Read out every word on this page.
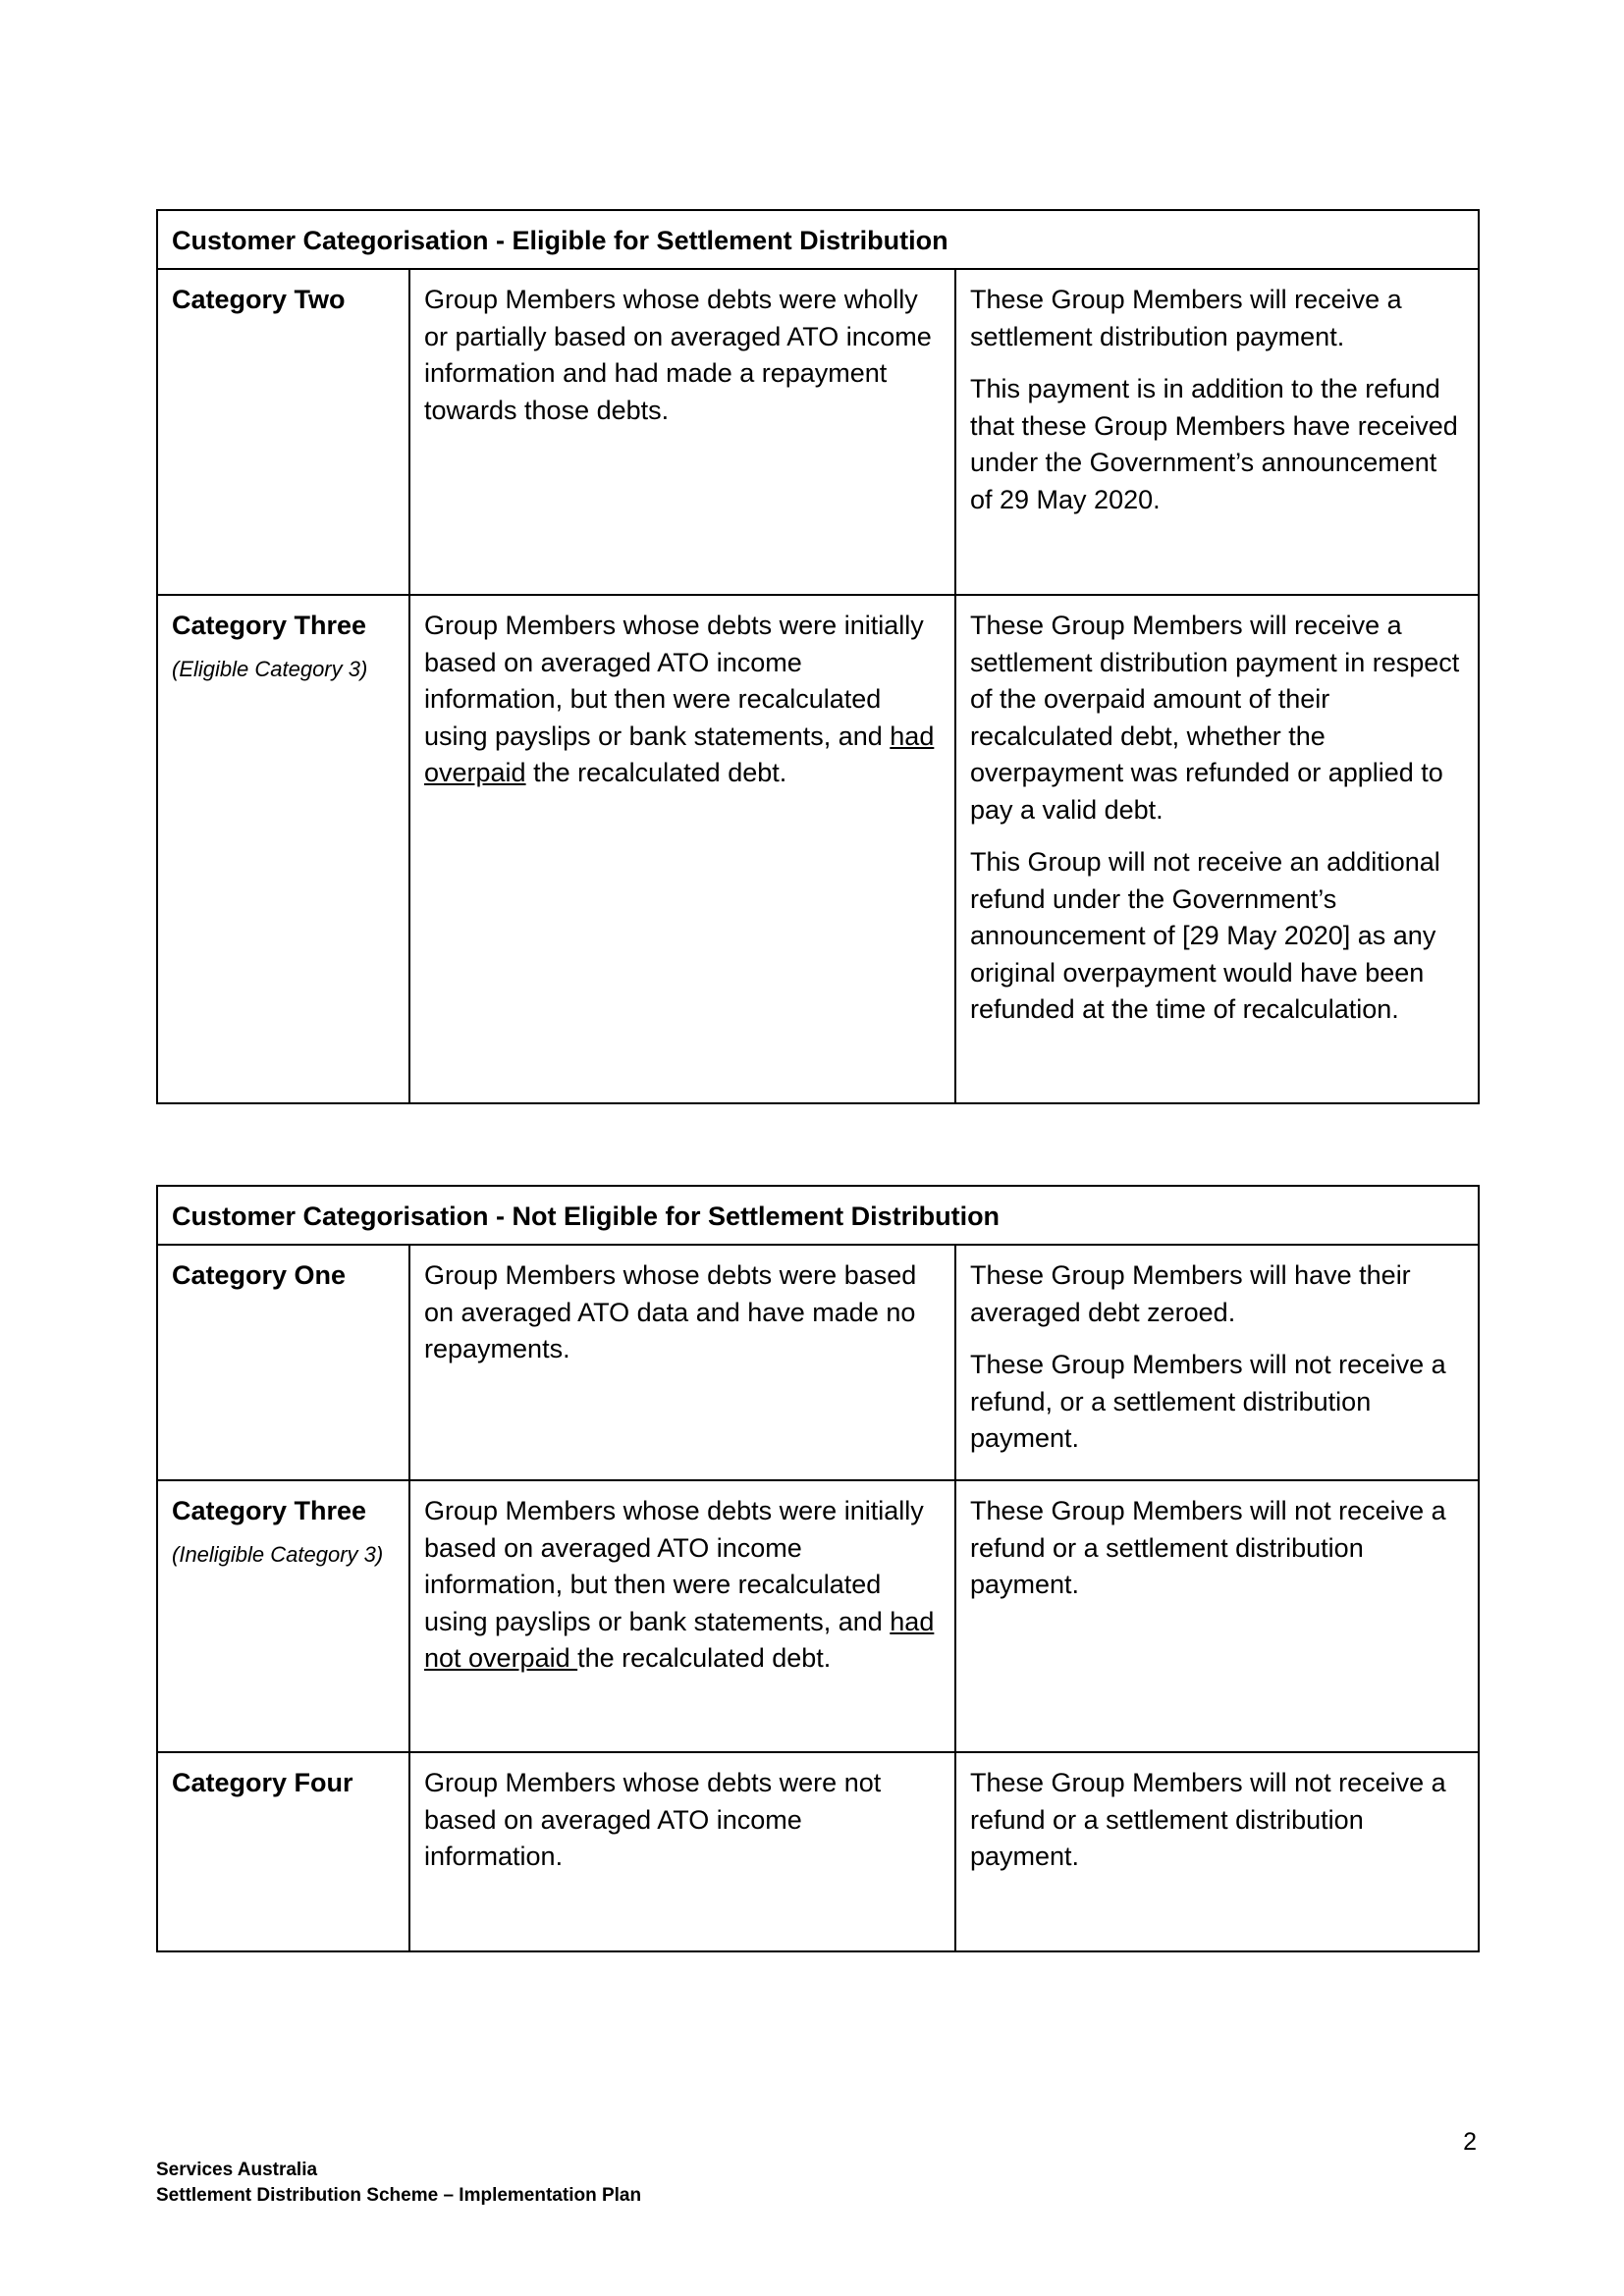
Customer Categorisation - Eligible for Settlement Distribution		

Category Two	Group Members whose debts were wholly or partially based on averaged ATO income information and had made a repayment towards those debts.	These Group Members will receive a settlement distribution payment.
This payment is in addition to the refund that these Group Members have received under the Government’s announcement of 29 May 2020.

Category Three
(Eligible Category 3)	Group Members whose debts were initially based on averaged ATO income information, but then were recalculated using payslips or bank statements, and had overpaid the recalculated debt.	These Group Members will receive a settlement distribution payment in respect of the overpaid amount of their recalculated debt, whether the overpayment was refunded or applied to pay a valid debt.
This Group will not receive an additional refund under the Government’s announcement of [29 May 2020] as any original overpayment would have been refunded at the time of recalculation.
Customer Categorisation - Not Eligible for Settlement Distribution		

Category One	Group Members whose debts were based on averaged ATO data and have made no repayments.	These Group Members will have their averaged debt zeroed.
These Group Members will not receive a refund, or a settlement distribution payment.

Category Three
(Ineligible Category 3)	Group Members whose debts were initially based on averaged ATO income information, but then were recalculated using payslips or bank statements, and had not overpaid the recalculated debt.	These Group Members will not receive a refund or a settlement distribution payment.

Category Four	Group Members whose debts were not based on averaged ATO income information.	These Group Members will not receive a refund or a settlement distribution payment.
2
Services Australia
Settlement Distribution Scheme – Implementation Plan
